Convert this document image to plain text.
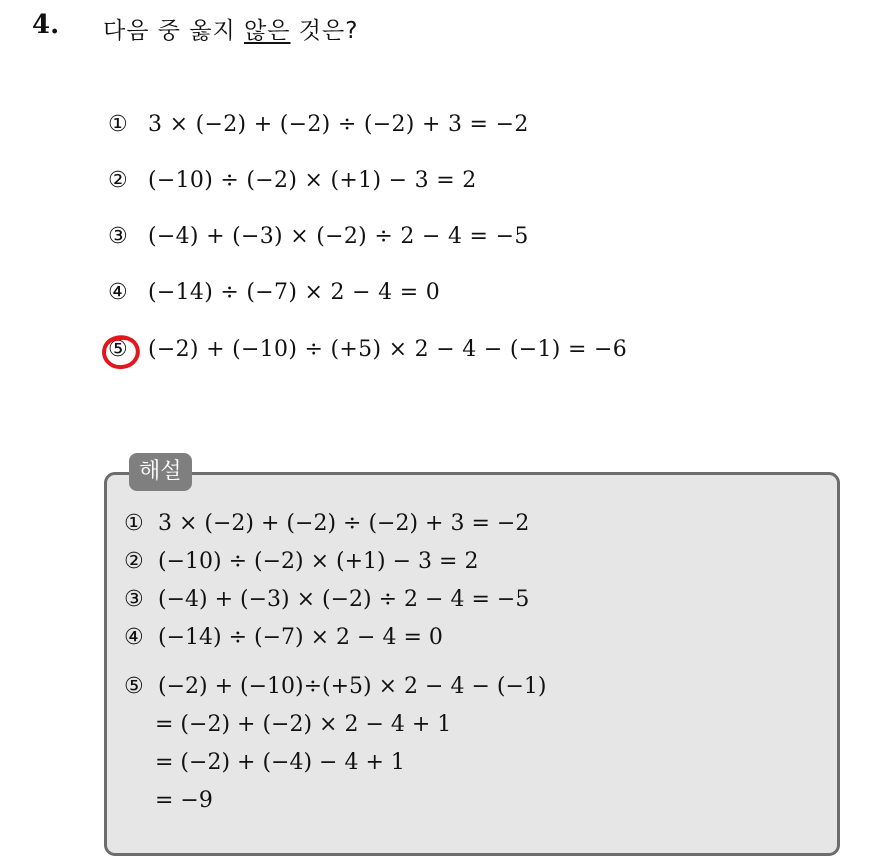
4. 다음 중 옳지 않은 것은?
① 3 × (−2) + (−2) ÷ (−2) + 3 = −2
② (−10) ÷ (−2) × (+1) − 3 = 2
③ (−4) + (−3) × (−2) ÷ 2 − 4 = −5
④ (−14) ÷ (−7) × 2 − 4 = 0
⑤ (−2) + (−10) ÷ (+5) × 2 − 4 − (−1) = −6
해설
① 3 × (−2) + (−2) ÷ (−2) + 3 = −2
② (−10) ÷ (−2) × (+1) − 3 = 2
③ (−4) + (−3) × (−2) ÷ 2 − 4 = −5
④ (−14) ÷ (−7) × 2 − 4 = 0
⑤ (−2) + (−10)÷(+5) × 2 − 4 − (−1)
= (−2) + (−2) × 2 − 4 + 1
= (−2) + (−4) − 4 + 1
= −9
